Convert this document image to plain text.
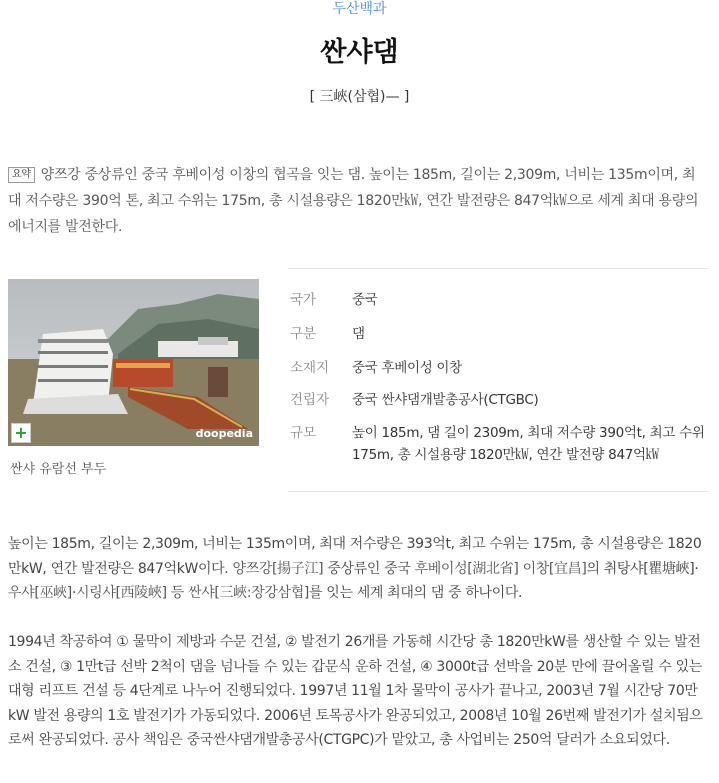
두산백과
싼샤댐
[ 三峽(삼협)— ]
요약 양쯔강 중상류인 중국 후베이성 이창의 협곡을 잇는 댐. 높이는 185m, 길이는 2,309m, 너비는 135m이며, 최대 저수량은 390억 톤, 최고 수위는 175m, 총 시설용량은 1820만㎾, 연간 발전량은 847억㎾으로 세계 최대 용량의 에너지를 발전한다.
+	doopedia
싼샤 유람선 부두
국가	중국
구분	댐
소재지 중국 후베이성 이창
건립자 중국 싼샤댐개발총공사(CTGBC)
규모	높이 185m, 댐 길이 2309m, 최대 저수량 390억t, 최고 수위 175m, 총 시설용량 1820만㎾, 연간 발전량 847억㎾
높이는 185m, 길이는 2,309m, 너비는 135m이며, 최대 저수량은 393억t, 최고 수위는 175m, 총 시설용량은 1820만kW, 연간 발전량은 847억kW이다. 양쯔강[揚子江] 중상류인 중국 후베이성[湖北省] 이창[宜昌]의 취탕샤[瞿塘峽]·우샤[巫峽]·시링샤[西陵峽] 등 싼샤[三峽:장강삼협]를 잇는 세계 최대의 댐 중 하나이다.
1994년 착공하여 ① 물막이 제방과 수문 건설, ② 발전기 26개를 가동해 시간당 총 1820만kW를 생산할 수 있는 발전소 건설, ③ 1만t급 선박 2척이 댐을 넘나들 수 있는 갑문식 운하 건설, ④ 3000t급 선박을 20분 만에 끌어올릴 수 있는 대형 리프트 건설 등 4단계로 나누어 진행되었다. 1997년 11월 1차 물막이 공사가 끝나고, 2003년 7월 시간당 70만kW 발전 용량의 1호 발전기가 가동되었다. 2006년 토목공사가 완공되었고, 2008년 10월 26번째 발전기가 설치됨으로써 완공되었다. 공사 책임은 중국싼샤댐개발총공사(CTGPC)가 맡았고, 총 사업비는 250억 달러가 소요되었다.
